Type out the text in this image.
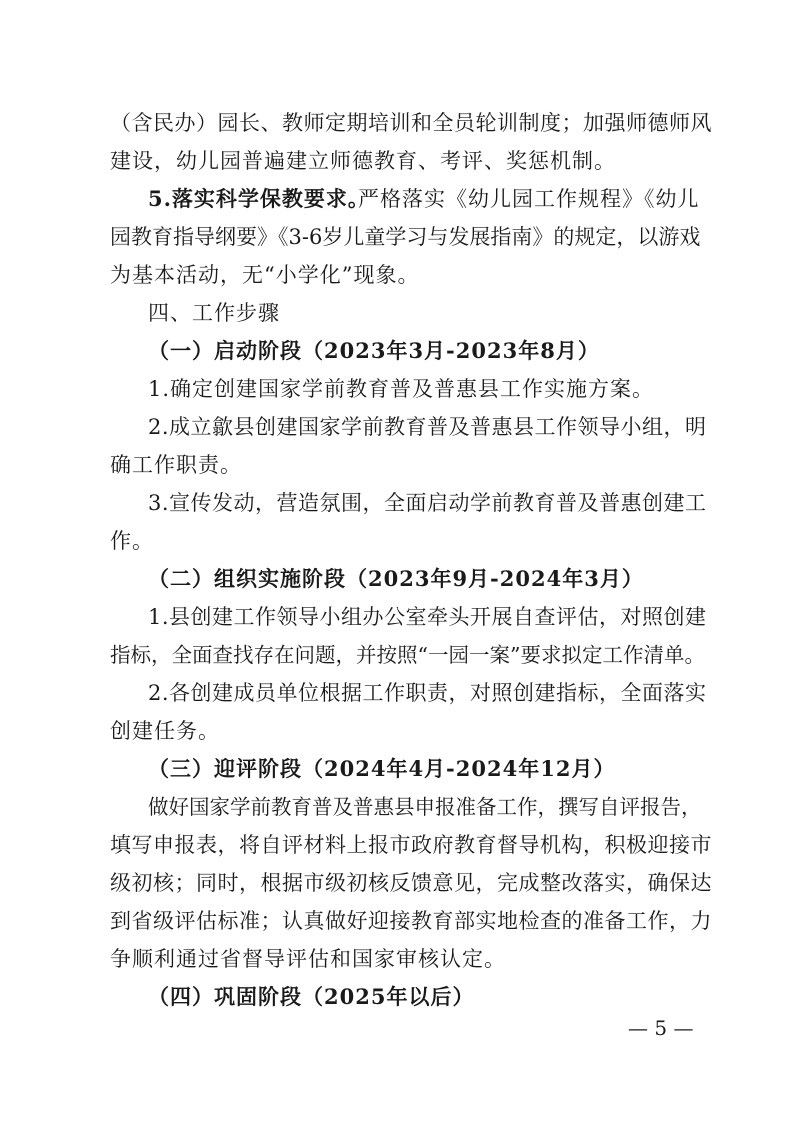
（含民办）园长、教师定期培训和全员轮训制度；加强师德师风
建设，幼儿园普遍建立师德教育、考评、奖惩机制。
5.落实科学保教要求。
严格落实《幼儿园工作规程》《幼儿
园教育指导纲要》《3-6岁儿童学习与发展指南》的规定，以游戏
为基本活动，无“小学化”现象。
四、工作步骤
（一）启动阶段（2023年3月-2023年8月）
1.确定创建国家学前教育普及普惠县工作实施方案。
2.成立歙县创建国家学前教育普及普惠县工作领导小组，明
确工作职责。
3.宣传发动，营造氛围，全面启动学前教育普及普惠创建工
作。
（二）组织实施阶段（2023年9月-2024年3月）
1.县创建工作领导小组办公室牵头开展自查评估，对照创建
指标，全面查找存在问题，并按照“一园一案”要求拟定工作清单。
2.各创建成员单位根据工作职责，对照创建指标，全面落实
创建任务。
（三）迎评阶段（2024年4月-2024年12月）
做好国家学前教育普及普惠县申报准备工作，撰写自评报告，
填写申报表，将自评材料上报市政府教育督导机构，积极迎接市
级初核；同时，根据市级初核反馈意见，完成整改落实，确保达
到省级评估标准；认真做好迎接教育部实地检查的准备工作，力
争顺利通过省督导评估和国家审核认定。
（四）巩固阶段（2025年以后）
— 5 —
